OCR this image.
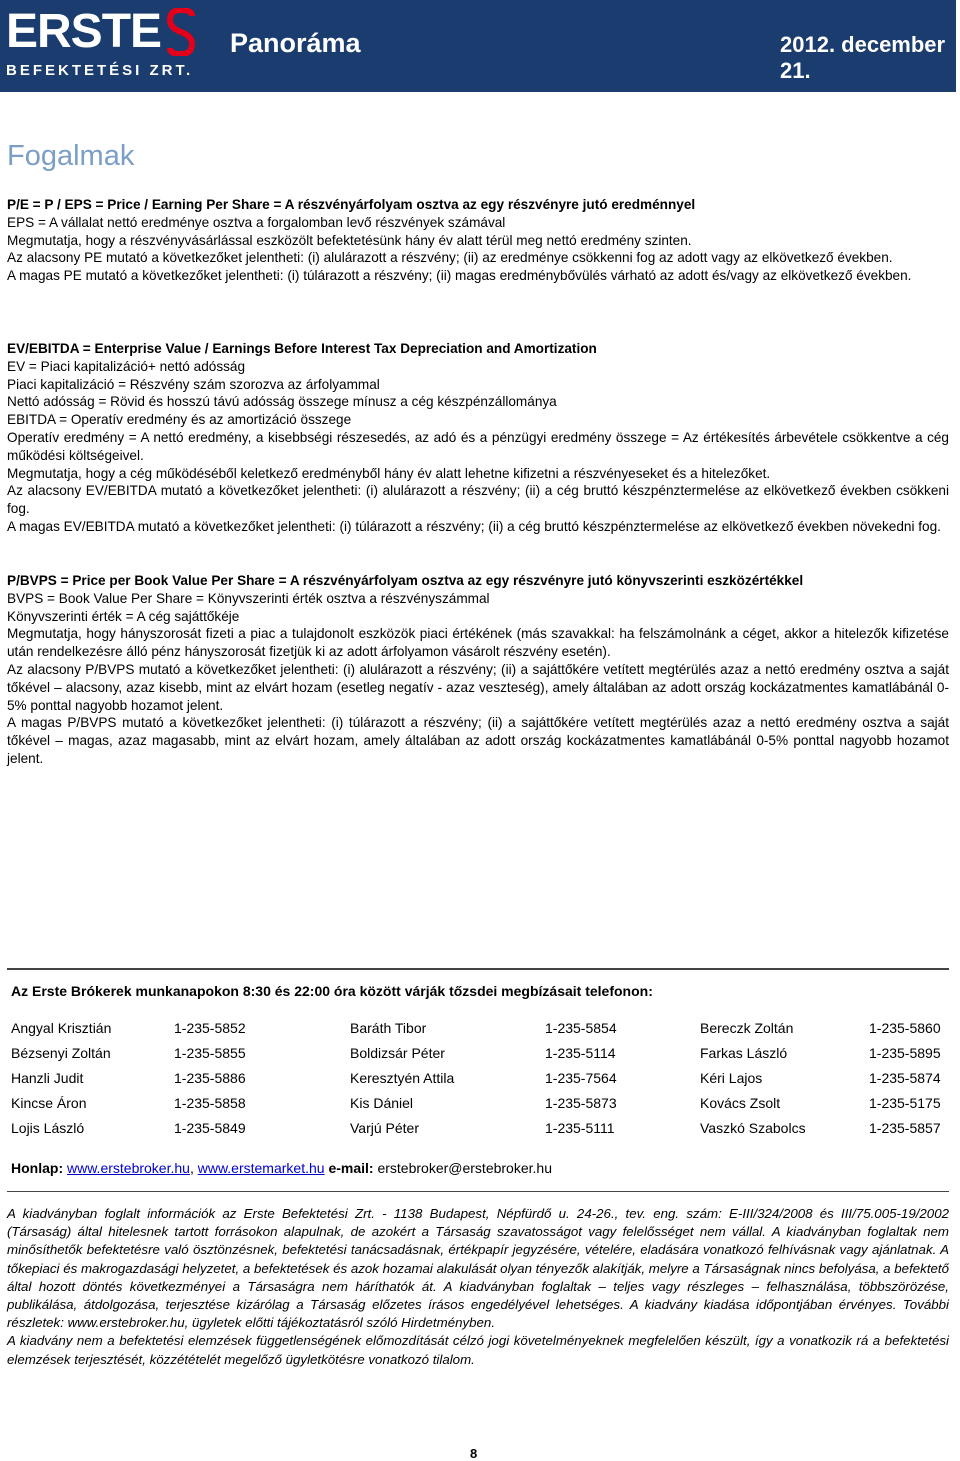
ERSTE
BEFEKTETÉSI ZRT.
Panoráma	2012. december 21.
Fogalmak

P/E = P / EPS = Price / Earning Per Share = A részvényárfolyam osztva az egy részvényre jutó eredménnyel

EPS = A vállalat nettó eredménye osztva a forgalomban levő részvények számával

Megmutatja, hogy a részvényvásárlással eszközölt befektetésünk hány év alatt térül meg nettó eredmény szinten.

Az alacsony PE mutató a következőket jelentheti: (i) alulárazott a részvény; (ii) az eredménye csökkenni fog az adott vagy az elkövetkező években.

A magas PE mutató a következőket jelentheti: (i) túlárazott a részvény; (ii) magas eredménybővülés várható az adott és/vagy az elkövetkező években.

EV/EBITDA = Enterprise Value / Earnings Before Interest Tax Depreciation and Amortization

EV = Piaci kapitalizáció+ nettó adósság

Piaci kapitalizáció = Részvény szám szorozva az árfolyammal

Nettó adósság = Rövid és hosszú távú adósság összege mínusz a cég készpénzállománya

EBITDA = Operatív eredmény és az amortizáció összege

Operatív eredmény = A nettó eredmény, a kisebbségi részesedés, az adó és a pénzügyi eredmény összege = Az értékesítés árbevétele csökkentve a cég működési költségeivel.

Megmutatja, hogy a cég működéséből keletkező eredményből hány év alatt lehetne kifizetni a részvényeseket és a hitelezőket.

Az alacsony EV/EBITDA mutató a következőket jelentheti: (i) alulárazott a részvény; (ii) a cég bruttó készpénztermelése az elkövetkező években csökkeni fog.

A magas EV/EBITDA mutató a következőket jelentheti: (i) túlárazott a részvény; (ii) a cég bruttó készpénztermelése az elkövetkező években növekedni fog.

P/BVPS = Price per Book Value Per Share = A részvényárfolyam osztva az egy részvényre jutó könyvszerinti eszközértékkel

BVPS = Book Value Per Share = Könyvszerinti érték osztva a részvényszámmal

Könyvszerinti érték = A cég sajáttőkéje

Megmutatja, hogy hányszorosát fizeti a piac a tulajdonolt eszközök piaci értékének (más szavakkal: ha felszámolnánk a céget, akkor a hitelezők kifizetése után rendelkezésre álló pénz hányszorosát fizetjük ki az adott árfolyamon vásárolt részvény esetén).

Az alacsony P/BVPS mutató a következőket jelentheti: (i) alulárazott a részvény; (ii) a sajáttőkére vetített megtérülés azaz a nettó eredmény osztva a saját tőkével – alacsony, azaz kisebb, mint az elvárt hozam (esetleg negatív - azaz veszteség), amely általában az adott ország kockázatmentes kamatlábánál 0-5% ponttal nagyobb hozamot jelent.

A magas P/BVPS mutató a következőket jelentheti: (i) túlárazott a részvény; (ii) a sajáttőkére vetített megtérülés azaz a nettó eredmény osztva a saját tőkével – magas, azaz magasabb, mint az elvárt hozam, amely általában az adott ország kockázatmentes kamatlábánál 0-5% ponttal nagyobb hozamot jelent.

Az Erste Brókerek munkanapokon 8:30 és 22:00 óra között várják tőzsdei megbízásait telefonon:
Angyal Krisztián	1-235-5852	Baráth Tibor	1-235-5854	Bereczk Zoltán	1-235-5860
Bézsenyi Zoltán	1-235-5855	Boldizsár Péter	1-235-5114	Farkas László	1-235-5895
Hanzli Judit	1-235-5886	Keresztyén Attila	1-235-7564	Kéri Lajos	1-235-5874
Kincse Áron	1-235-5858	Kis Dániel	1-235-5873	Kovács Zsolt	1-235-5175
Lojis László	1-235-5849	Varjú Péter	1-235-5111	Vaszkó Szabolcs	1-235-5857
Honlap: www.erstebroker.hu, www.erstemarket.hu e-mail: erstebroker@erstebroker.hu
A kiadványban foglalt információk az Erste Befektetési Zrt. - 1138 Budapest, Népfürdő u. 24-26., tev. eng. szám: E-III/324/2008 és III/75.005-19/2002 (Társaság) által hitelesnek tartott forrásokon alapulnak, de azokért a Társaság szavatosságot vagy felelősséget nem vállal. A kiadványban foglaltak nem minősíthetők befektetésre való ösztönzésnek, befektetési tanácsadásnak, értékpapír jegyzésére, vételére, eladására vonatkozó felhívásnak vagy ajánlatnak. A tőkepiaci és makrogazdasági helyzetet, a befektetések és azok hozamai alakulását olyan tényezők alakítják, melyre a Társaságnak nincs befolyása, a befektető által hozott döntés következményei a Társaságra nem háríthatók át. A kiadványban foglaltak – teljes vagy részleges – felhasználása, többszörözése, publikálása, átdolgozása, terjesztése kizárólag a Társaság előzetes írásos engedélyével lehetséges. A kiadvány kiadása időpontjában érvényes. További részletek: www.erstebroker.hu, ügyletek előtti tájékoztatásról szóló Hirdetményben.
A kiadvány nem a befektetési elemzések függetlenségének előmozdítását célzó jogi követelményeknek megfelelően készült, így a vonatkozik rá a befektetési elemzések terjesztését, közzétételét megelőző ügyletkötésre vonatkozó tilalom.
8
